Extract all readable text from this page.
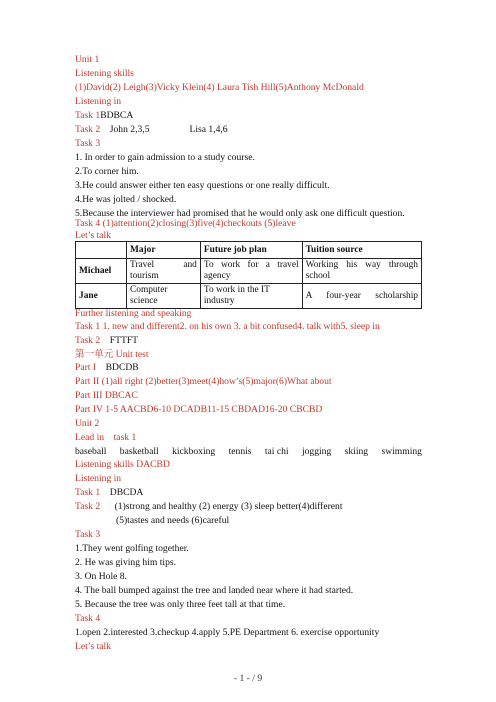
Unit 1
Listening skills
(1)David(2) Leigh(3)Vicky Klein(4) Laura Tish Hill(5)Anthony McDonald
Listening in
Task 1BDBCA
Task 2 John 2,3,5	Lisa 1,4,6
Task 3
1. In order to gain admission to a study course.
2.To corner him.
3.He could answer either ten easy questions or one really difficult.
4.He was jolted / shocked.
5.Because the interviewer had promised that he would only ask one difficult question.
Task 4 (1)attention(2)closing(3)five(4)checkouts (5)leave
Let’s talk
	Major	Future job plan	Tuition source
Michael	Travel and tourism	To work for a travel agency	Working his way through school
Jane	Computer science	To work in the IT industry	A four-year scholarship
Further listening and speaking
Task 1 1. new and different2. on his own 3. a bit confused4. talk with5. sleep in
Task 2 FTTFT
第一单元 Unit test
Part I BDCDB
Part II (1)all right (2)better(3)meet(4)how’s(5)major(6)What about
Part III DBCAC
Part IV 1-5 AACBD6-10 DCADB11-15 CBDAD16-20 CBCBD
Unit 2
Lead in task 1
baseball basketball kickboxing tennis tai chi jogging skiing swimming
Listening skills DACBD
Listening in
Task 1 DBCDA
Task 2 (1)strong and healthy (2) energy (3) sleep better(4)different
(5)tastes and needs (6)careful
Task 3
1.They went golfing together.
2. He was giving him tips.
3. On Hole 8.
4. The ball bumped against the tree and landed near where it had started.
5. Because the tree was only three feet tall at that time.
Task 4
1.open 2.interested 3.checkup 4.apply 5.PE Department 6. exercise opportunity
Let’s talk
- 1 - / 9
